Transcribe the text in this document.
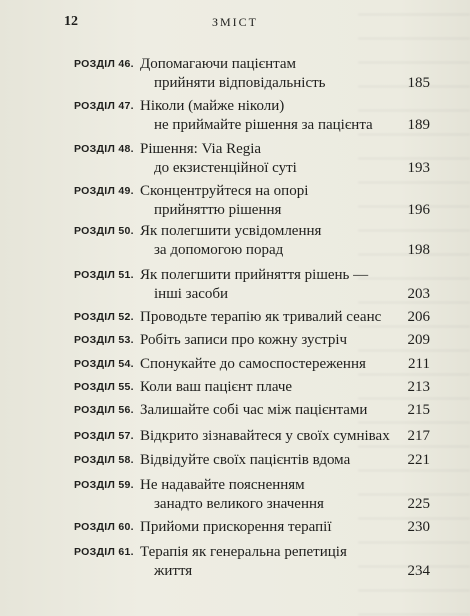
12	ЗМІСТ
РОЗДІЛ 46. Допомагаючи пацієнтам
прийняти відповідальність	185
РОЗДІЛ 47. Ніколи (майже ніколи)
не приймайте рішення за пацієнта	189
РОЗДІЛ 48. Рішення: Via Regia
до екзистенційної суті	193
РОЗДІЛ 49. Сконцентруйтеся на опорі
прийняттю рішення	196
РОЗДІЛ 50. Як полегшити усвідомлення
за допомогою порад	198
РОЗДІЛ 51. Як полегшити прийняття рішень —
інші засоби	203
РОЗДІЛ 52. Проводьте терапію як тривалий сеанс	206
РОЗДІЛ 53. Робіть записи про кожну зустріч	209
РОЗДІЛ 54. Спонукайте до самоспостереження	211
РОЗДІЛ 55. Коли ваш пацієнт плаче	213
РОЗДІЛ 56. Залишайте собі час між пацієнтами	215
РОЗДІЛ 57. Відкрито зізнавайтеся у своїх сумнівах	217
РОЗДІЛ 58. Відвідуйте своїх пацієнтів вдома	221
РОЗДІЛ 59. Не надавайте поясненням
занадто великого значення	225
РОЗДІЛ 60. Прийоми прискорення терапії	230
РОЗДІЛ 61. Терапія як генеральна репетиція
життя	234
